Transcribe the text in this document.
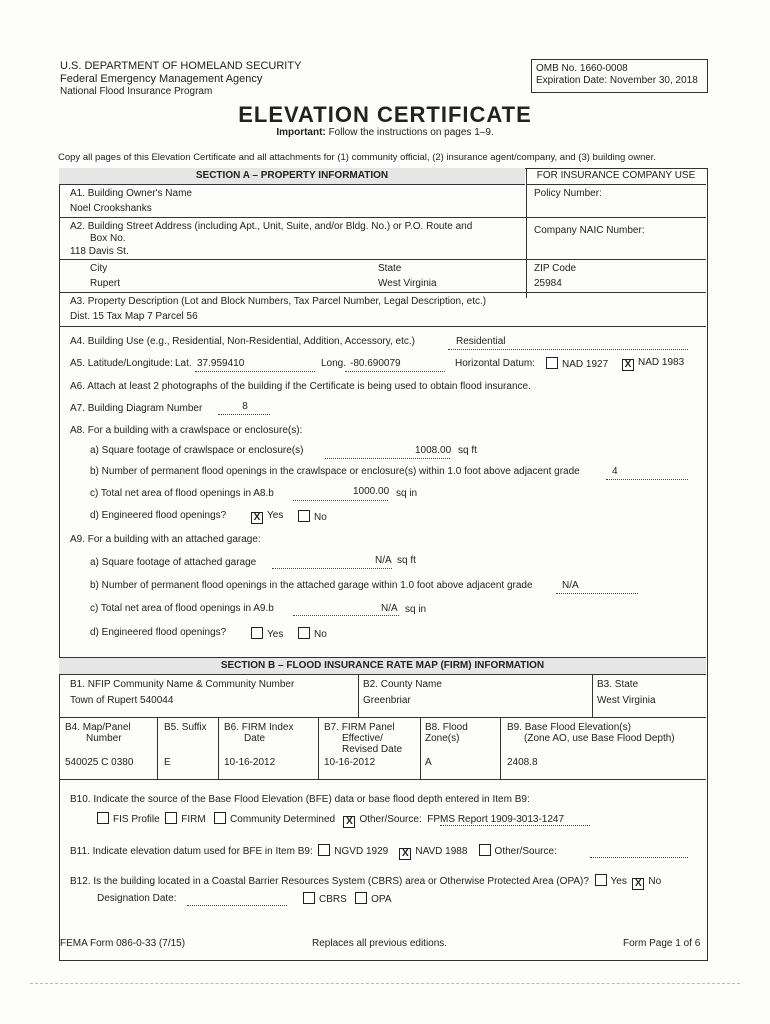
U.S. DEPARTMENT OF HOMELAND SECURITY
Federal Emergency Management Agency
National Flood Insurance Program
OMB No. 1660-0008
Expiration Date: November 30, 2018
ELEVATION CERTIFICATE
Important: Follow the instructions on pages 1–9.
Copy all pages of this Elevation Certificate and all attachments for (1) community official, (2) insurance agent/company, and (3) building owner.
SECTION A – PROPERTY INFORMATION	FOR INSURANCE COMPANY USE
A1. Building Owner's Name
Noel Crookshanks
Policy Number:
A2. Building Street Address (including Apt., Unit, Suite, and/or Bldg. No.) or P.O. Route and
Box No.
118 Davis St.
Company NAIC Number:
City
Rupert
State
West Virginia
ZIP Code
25984
A3. Property Description (Lot and Block Numbers, Tax Parcel Number, Legal Description, etc.)
Dist. 15 Tax Map 7 Parcel 56
A4. Building Use (e.g., Residential, Non-Residential, Addition, Accessory, etc.)	Residential
A5. Latitude/Longitude: Lat. 37.959410	Long. -80.690079	Horizontal Datum:	NAD 1927 X NAD 1983
A6. Attach at least 2 photographs of the building if the Certificate is being used to obtain flood insurance.
A7. Building Diagram Number	8
A8. For a building with a crawlspace or enclosure(s):
a) Square footage of crawlspace or enclosure(s)	1008.00 sq ft
b) Number of permanent flood openings in the crawlspace or enclosure(s) within 1.0 foot above adjacent grade	4
c) Total net area of flood openings in A8.b	1000.00 sq in
d) Engineered flood openings?	X Yes	No
A9. For a building with an attached garage:
a) Square footage of attached garage	N/A sq ft
b) Number of permanent flood openings in the attached garage within 1.0 foot above adjacent grade	N/A
c) Total net area of flood openings in A9.b	N/A sq in
d) Engineered flood openings?	Yes	No
SECTION B – FLOOD INSURANCE RATE MAP (FIRM) INFORMATION
B1. NFIP Community Name & Community Number
Town of Rupert 540044
B2. County Name
Greenbriar
B3. State
West Virginia
B4. Map/Panel
Number
540025 C 0380
B5. Suffix
E
B6. FIRM Index
Date
10-16-2012
B7. FIRM Panel
Effective/
Revised Date
10-16-2012
B8. Flood
Zone(s)
A
B9. Base Flood Elevation(s)
(Zone AO, use Base Flood Depth)
2408.8
B10. Indicate the source of the Base Flood Elevation (BFE) data or base flood depth entered in Item B9:
FIS Profile FIRM Community Determined X Other/Source: FPMS Report 1909-3013-1247
B11. Indicate elevation datum used for BFE in Item B9: NGVD 1929 X NAVD 1988	Other/Source:
B12. Is the building located in a Coastal Barrier Resources System (CBRS) area or Otherwise Protected Area (OPA)? Yes X No
Designation Date:	CBRS OPA
FEMA Form 086-0-33 (7/15)	Replaces all previous editions.	Form Page 1 of 6
